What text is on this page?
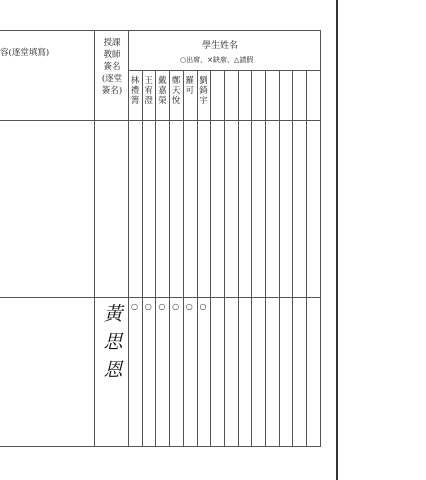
容(逐堂填寫)
授課
教師
簽名
(逐堂
簽名)
學生姓名
○出席、×缺席、△請假
林禮箐
王宥澄
戴嘉榮
鄭天悅
羅可
劉錡宇
黃
思
恩
○ ○ ○ ○ ○ ○
